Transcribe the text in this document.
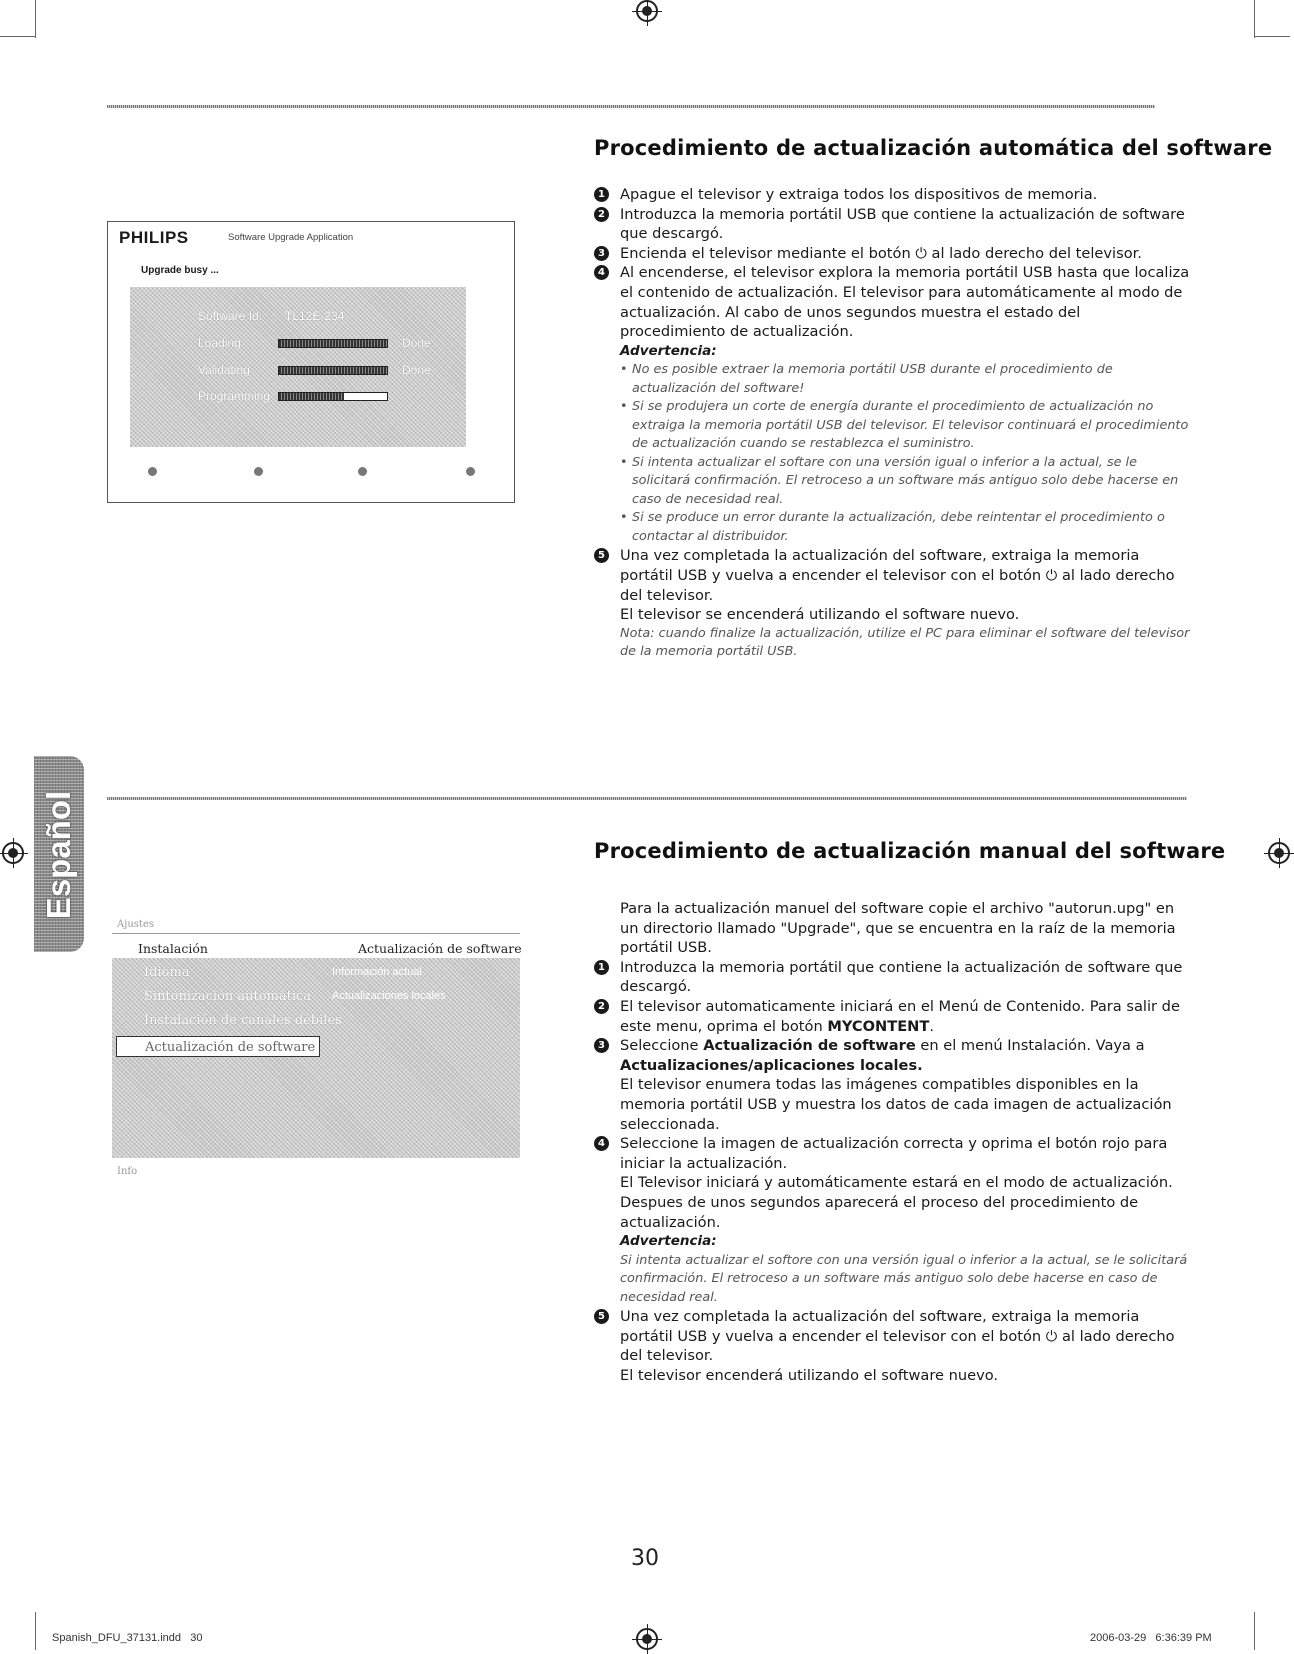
Español
Procedimiento de actualización automática del software
1 Apague el televisor y extraiga todos los dispositivos de memoria.
2 Introduzca la memoria portátil USB que contiene la actualización de software que descargó.
3 Encienda el televisor mediante el botón ⏻ al lado derecho del televisor.
4 Al encenderse, el televisor explora la memoria portátil USB hasta que localiza el contenido de actualización. El televisor para automáticamente al modo de actualización. Al cabo de unos segundos muestra el estado del procedimiento de actualización.
Advertencia:
• No es posible extraer la memoria portátil USB durante el procedimiento de actualización del software!
• Si se produjera un corte de energía durante el procedimiento de actualización no extraiga la memoria portátil USB del televisor. El televisor continuará el procedimiento de actualización cuando se restablezca el suministro.
• Si intenta actualizar el softare con una versión igual o inferior a la actual, se le solicitará confirmación. El retroceso a un software más antiguo solo debe hacerse en caso de necesidad real.
• Si se produce un error durante la actualización, debe reintentar el procedimiento o contactar al distribuidor.
5 Una vez completada la actualización del software, extraiga la memoria portátil USB y vuelva a encender el televisor con el botón ⏻ al lado derecho del televisor.
El televisor se encenderá utilizando el software nuevo.
Nota: cuando finalize la actualización, utilize el PC para eliminar el software del televisor de la memoria portátil USB.
PHILIPS	Software Upgrade Application
Upgrade busy ...
Software Id: TL12E-234
Loading	Done
Validating	Done
Programming
Procedimiento de actualización manual del software
Para la actualización manuel del software copie el archivo "autorun.upg" en un directorio llamado "Upgrade", que se encuentra en la raíz de la memoria portátil USB.
1 Introduzca la memoria portátil que contiene la actualización de software que descargó.
2 El televisor automaticamente iniciará en el Menú de Contenido. Para salir de este menu, oprima el botón MYCONTENT.
3 Seleccione Actualización de software en el menú Instalación. Vaya a Actualizaciones/aplicaciones locales.
El televisor enumera todas las imágenes compatibles disponibles en la memoria portátil USB y muestra los datos de cada imagen de actualización seleccionada.
4 Seleccione la imagen de actualización correcta y oprima el botón rojo para iniciar la actualización.
El Televisor iniciará y automáticamente estará en el modo de actualización. Despues de unos segundos aparecerá el proceso del procedimiento de actualización.
Advertencia:
Si intenta actualizar el softore con una versión igual o inferior a la actual, se le solicitará confirmación. El retroceso a un software más antiguo solo debe hacerse en caso de necesidad real.
5 Una vez completada la actualización del software, extraiga la memoria portátil USB y vuelva a encender el televisor con el botón ⏻ al lado derecho del televisor.
El televisor encenderá utilizando el software nuevo.
Ajustes
Instalación	Actualización de software
Idioma
Sintonización automática
Instalación de canales débiles
Actualización de software
Información actual
Actualizaciones locales
Info
30
Spanish_DFU_37131.indd   30	2006-03-29   6:36:39 PM
